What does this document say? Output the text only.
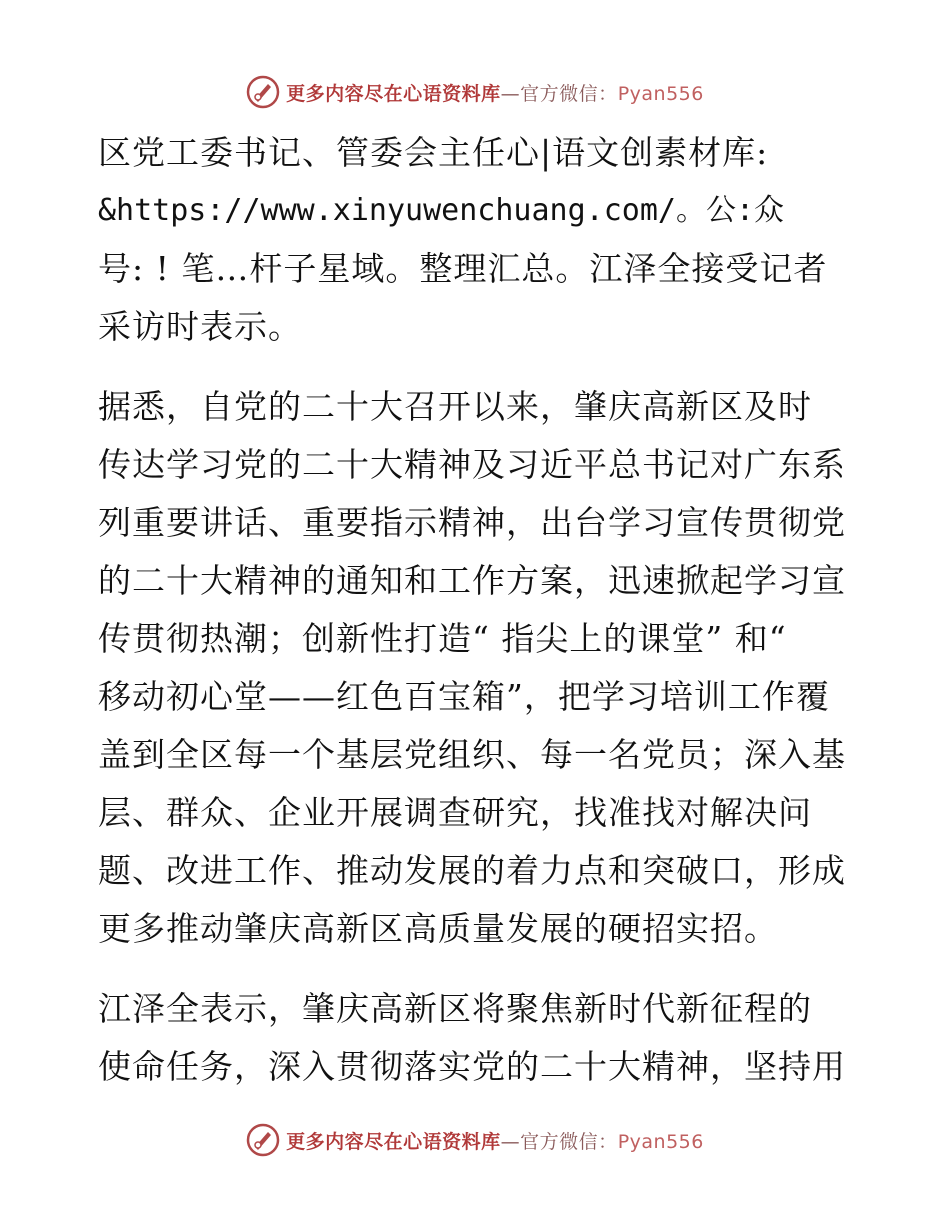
更多内容尽在心语资料库—官方微信：Pyan556
区党工委书记、管委会主任心|语文创素材库:
&https://www.xinyuwenchuang.com/。公:众
号: ! 笔…杆子星域。整理汇总。江泽全接受记者
采访时表示。
据悉，自党的二十大召开以来，肇庆高新区及时
传达学习党的二十大精神及习近平总书记对广东系
列重要讲话、重要指示精神，出台学习宣传贯彻党
的二十大精神的通知和工作方案，迅速掀起学习宣
传贯彻热潮；创新性打造“ 指尖上的课堂” 和“
移动初心堂——红色百宝箱”，把学习培训工作覆
盖到全区每一个基层党组织、每一名党员；深入基
层、群众、企业开展调查研究，找准找对解决问
题、改进工作、推动发展的着力点和突破口，形成
更多推动肇庆高新区高质量发展的硬招实招。
江泽全表示，肇庆高新区将聚焦新时代新征程的
使命任务，深入贯彻落实党的二十大精神，坚持用
更多内容尽在心语资料库—官方微信：Pyan556
